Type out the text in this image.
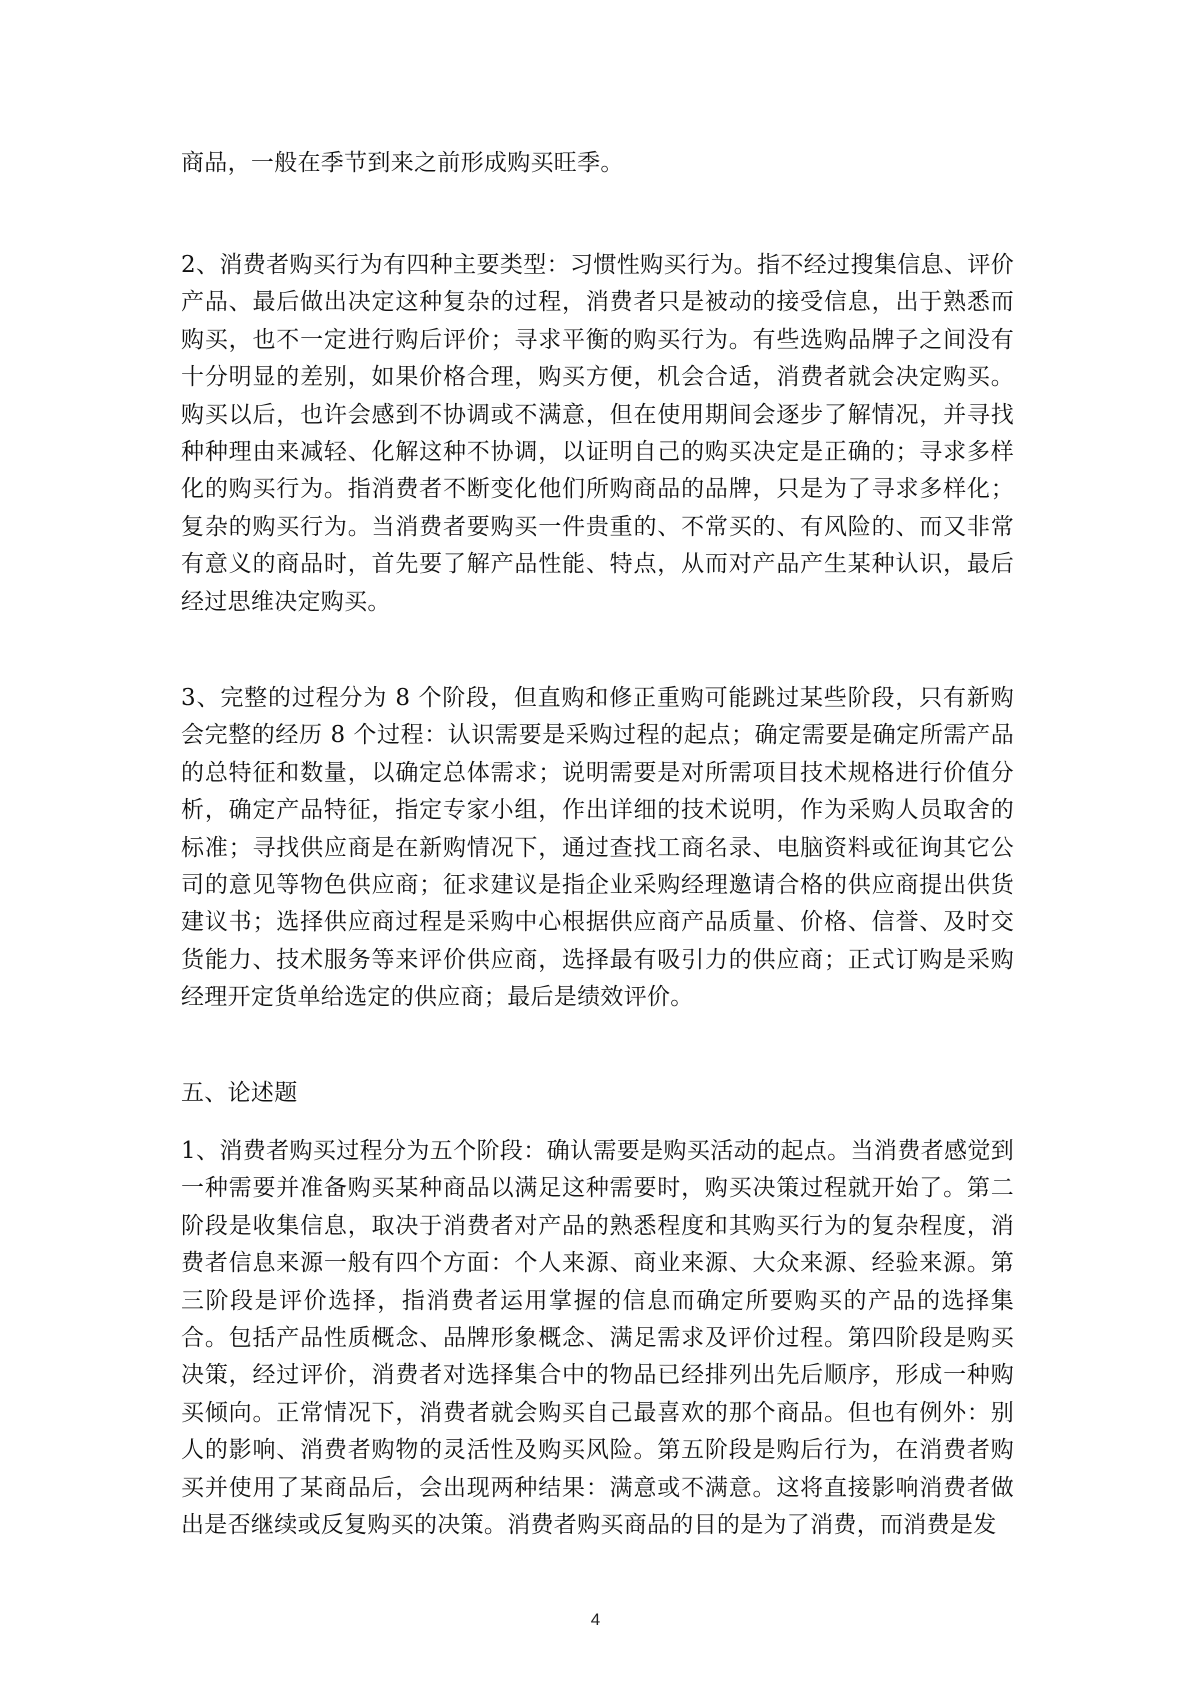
商品，一般在季节到来之前形成购买旺季。

2、消费者购买行为有四种主要类型：习惯性购买行为。指不经过搜集信息、评价产品、最后做出决定这种复杂的过程，消费者只是被动的接受信息，出于熟悉而购买，也不一定进行购后评价；寻求平衡的购买行为。有些选购品牌子之间没有十分明显的差别，如果价格合理，购买方便，机会合适，消费者就会决定购买。购买以后，也许会感到不协调或不满意，但在使用期间会逐步了解情况，并寻找种种理由来减轻、化解这种不协调，以证明自己的购买决定是正确的；寻求多样化的购买行为。指消费者不断变化他们所购商品的品牌，只是为了寻求多样化；复杂的购买行为。当消费者要购买一件贵重的、不常买的、有风险的、而又非常有意义的商品时，首先要了解产品性能、特点，从而对产品产生某种认识，最后经过思维决定购买。

3、完整的过程分为 8 个阶段，但直购和修正重购可能跳过某些阶段，只有新购会完整的经历 8 个过程：认识需要是采购过程的起点；确定需要是确定所需产品的总特征和数量，以确定总体需求；说明需要是对所需项目技术规格进行价值分析，确定产品特征，指定专家小组，作出详细的技术说明，作为采购人员取舍的标准；寻找供应商是在新购情况下，通过查找工商名录、电脑资料或征询其它公司的意见等物色供应商；征求建议是指企业采购经理邀请合格的供应商提出供货建议书；选择供应商过程是采购中心根据供应商产品质量、价格、信誉、及时交货能力、技术服务等来评价供应商，选择最有吸引力的供应商；正式订购是采购经理开定货单给选定的供应商；最后是绩效评价。

五、论述题

1、消费者购买过程分为五个阶段：确认需要是购买活动的起点。当消费者感觉到一种需要并准备购买某种商品以满足这种需要时，购买决策过程就开始了。第二阶段是收集信息，取决于消费者对产品的熟悉程度和其购买行为的复杂程度，消费者信息来源一般有四个方面：个人来源、商业来源、大众来源、经验来源。第三阶段是评价选择，指消费者运用掌握的信息而确定所要购买的产品的选择集合。包括产品性质概念、品牌形象概念、满足需求及评价过程。第四阶段是购买决策，经过评价，消费者对选择集合中的物品已经排列出先后顺序，形成一种购买倾向。正常情况下，消费者就会购买自己最喜欢的那个商品。但也有例外：别人的影响、消费者购物的灵活性及购买风险。第五阶段是购后行为，在消费者购买并使用了某商品后，会出现两种结果：满意或不满意。这将直接影响消费者做出是否继续或反复购买的决策。消费者购买商品的目的是为了消费，而消费是发

4
